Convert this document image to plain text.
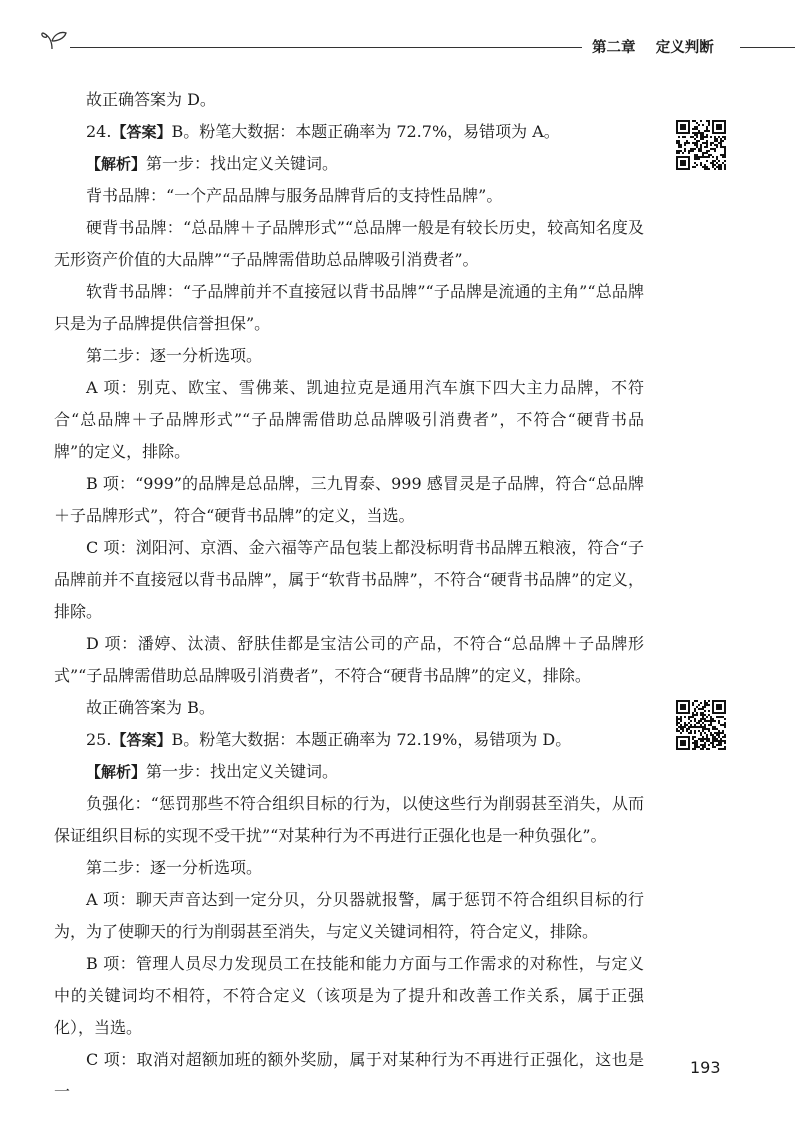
第二章 定义判断

故正确答案为 D。

24.【答案】B。粉笔大数据：本题正确率为 72.7%，易错项为 A。

【解析】第一步：找出定义关键词。

背书品牌：“一个产品品牌与服务品牌背后的支持性品牌”。

硬背书品牌：“总品牌＋子品牌形式”“总品牌一般是有较长历史，较高知名度及无形资产价值的大品牌”“子品牌需借助总品牌吸引消费者”。

软背书品牌：“子品牌前并不直接冠以背书品牌”“子品牌是流通的主角”“总品牌只是为子品牌提供信誉担保”。

第二步：逐一分析选项。

A 项：别克、欧宝、雪佛莱、凯迪拉克是通用汽车旗下四大主力品牌，不符合“总品牌＋子品牌形式”“子品牌需借助总品牌吸引消费者”，不符合“硬背书品牌”的定义，排除。

B 项：“999”的品牌是总品牌，三九胃泰、999 感冒灵是子品牌，符合“总品牌＋子品牌形式”，符合“硬背书品牌”的定义，当选。

C 项：浏阳河、京酒、金六福等产品包装上都没标明背书品牌五粮液，符合“子品牌前并不直接冠以背书品牌”，属于“软背书品牌”，不符合“硬背书品牌”的定义，排除。

D 项：潘婷、汰渍、舒肤佳都是宝洁公司的产品，不符合“总品牌＋子品牌形式”“子品牌需借助总品牌吸引消费者”，不符合“硬背书品牌”的定义，排除。

故正确答案为 B。

25.【答案】B。粉笔大数据：本题正确率为 72.19%，易错项为 D。

【解析】第一步：找出定义关键词。

负强化：“惩罚那些不符合组织目标的行为，以使这些行为削弱甚至消失，从而保证组织目标的实现不受干扰”“对某种行为不再进行正强化也是一种负强化”。

第二步：逐一分析选项。

A 项：聊天声音达到一定分贝，分贝器就报警，属于惩罚不符合组织目标的行为，为了使聊天的行为削弱甚至消失，与定义关键词相符，符合定义，排除。

B 项：管理人员尽力发现员工在技能和能力方面与工作需求的对称性，与定义中的关键词均不相符，不符合定义（该项是为了提升和改善工作关系，属于正强化），当选。

C 项：取消对超额加班的额外奖励，属于对某种行为不再进行正强化，这也是一

193
